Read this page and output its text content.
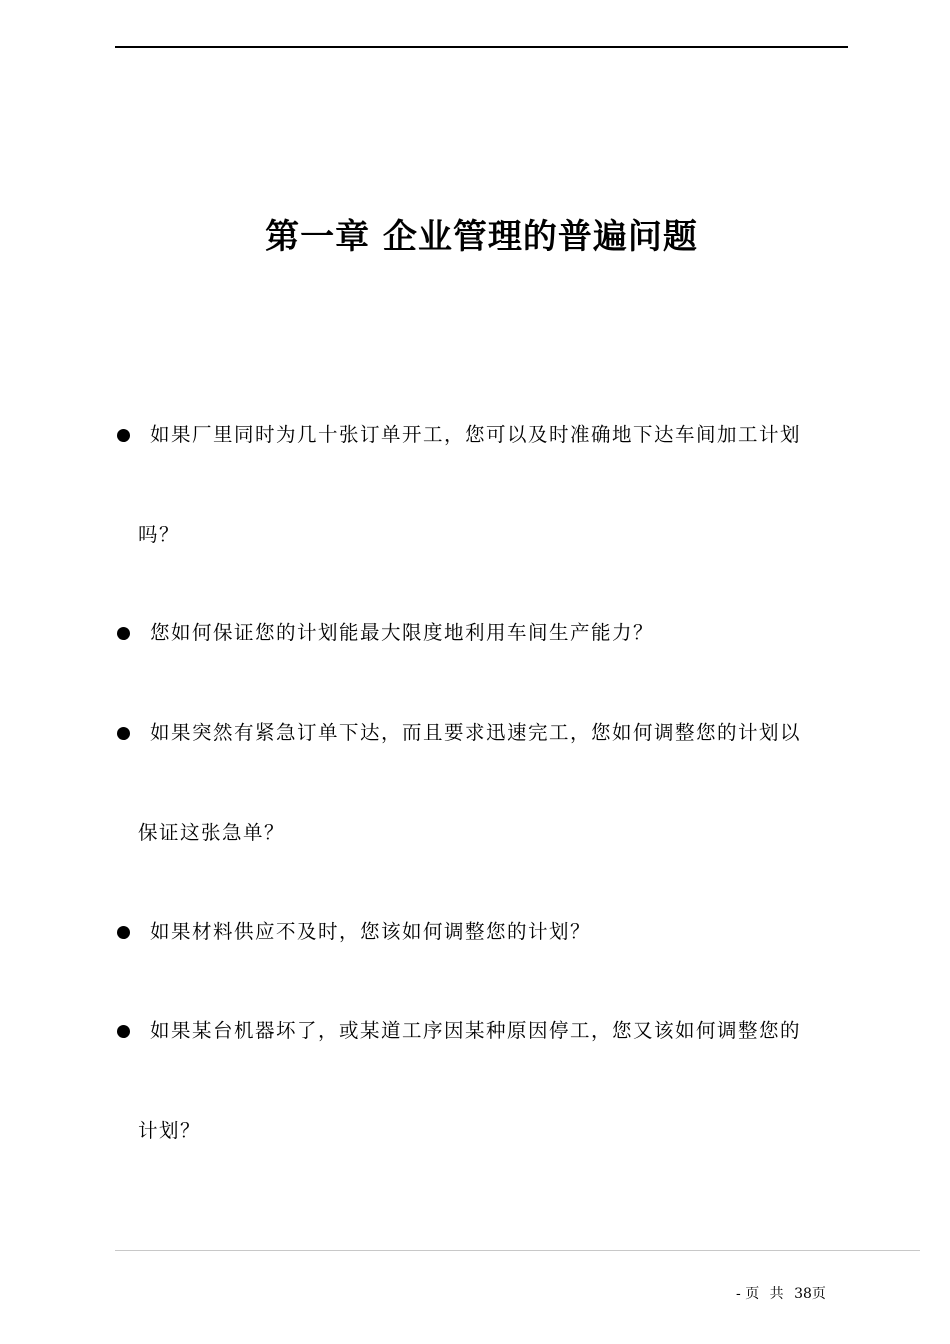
第一章 企业管理的普遍问题
如果厂里同时为几十张订单开工，您可以及时准确地下达车间加工计划
吗？
您如何保证您的计划能最大限度地利用车间生产能力？
如果突然有紧急订单下达，而且要求迅速完工，您如何调整您的计划以
保证这张急单？
如果材料供应不及时，您该如何调整您的计划？
如果某台机器坏了，或某道工序因某种原因停工，您又该如何调整您的
计划？
- 页 共 38页
